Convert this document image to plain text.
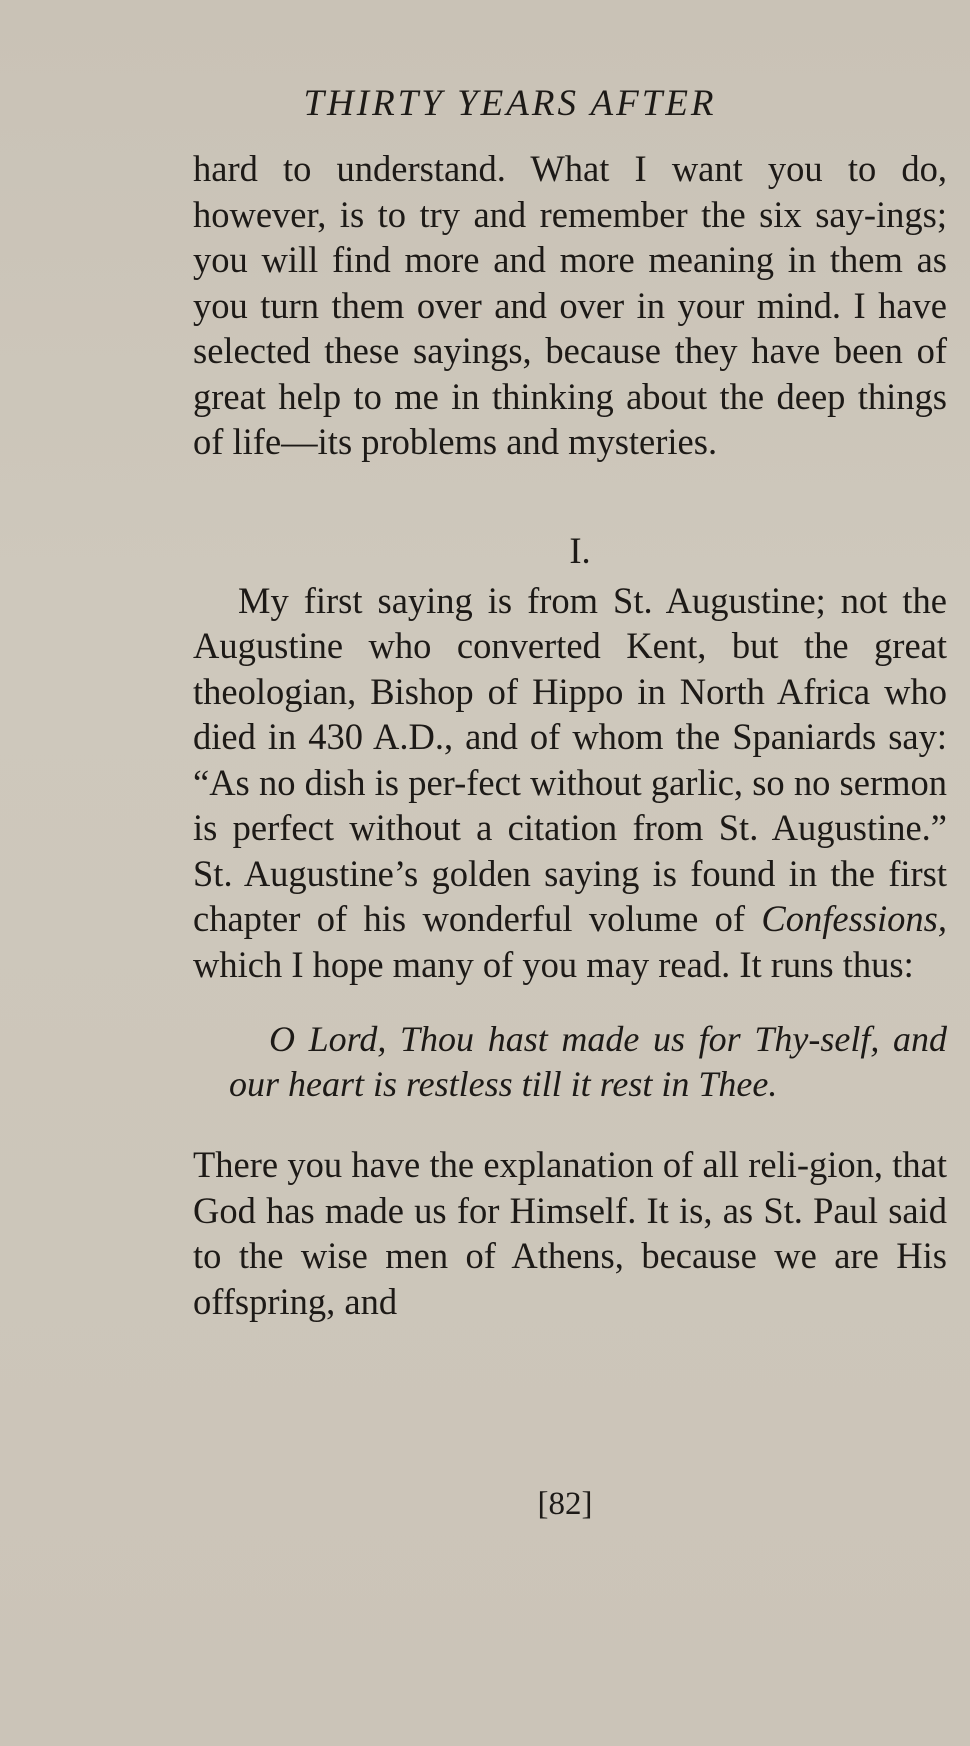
THIRTY YEARS AFTER

hard to understand. What I want you to do, however, is to try and remember the six say-ings; you will find more and more meaning in them as you turn them over and over in your mind. I have selected these sayings, because they have been of great help to me in thinking about the deep things of life—its problems and mysteries.

I.

My first saying is from St. Augustine; not the Augustine who converted Kent, but the great theologian, Bishop of Hippo in North Africa who died in 430 A.D., and of whom the Spaniards say: “As no dish is per-fect without garlic, so no sermon is perfect without a citation from St. Augustine.” St. Augustine’s golden saying is found in the first chapter of his wonderful volume of Confessions, which I hope many of you may read. It runs thus:

O Lord, Thou hast made us for Thy-self, and our heart is restless till it rest in Thee.

There you have the explanation of all reli-gion, that God has made us for Himself. It is, as St. Paul said to the wise men of Athens, because we are His offspring, and

[82]
